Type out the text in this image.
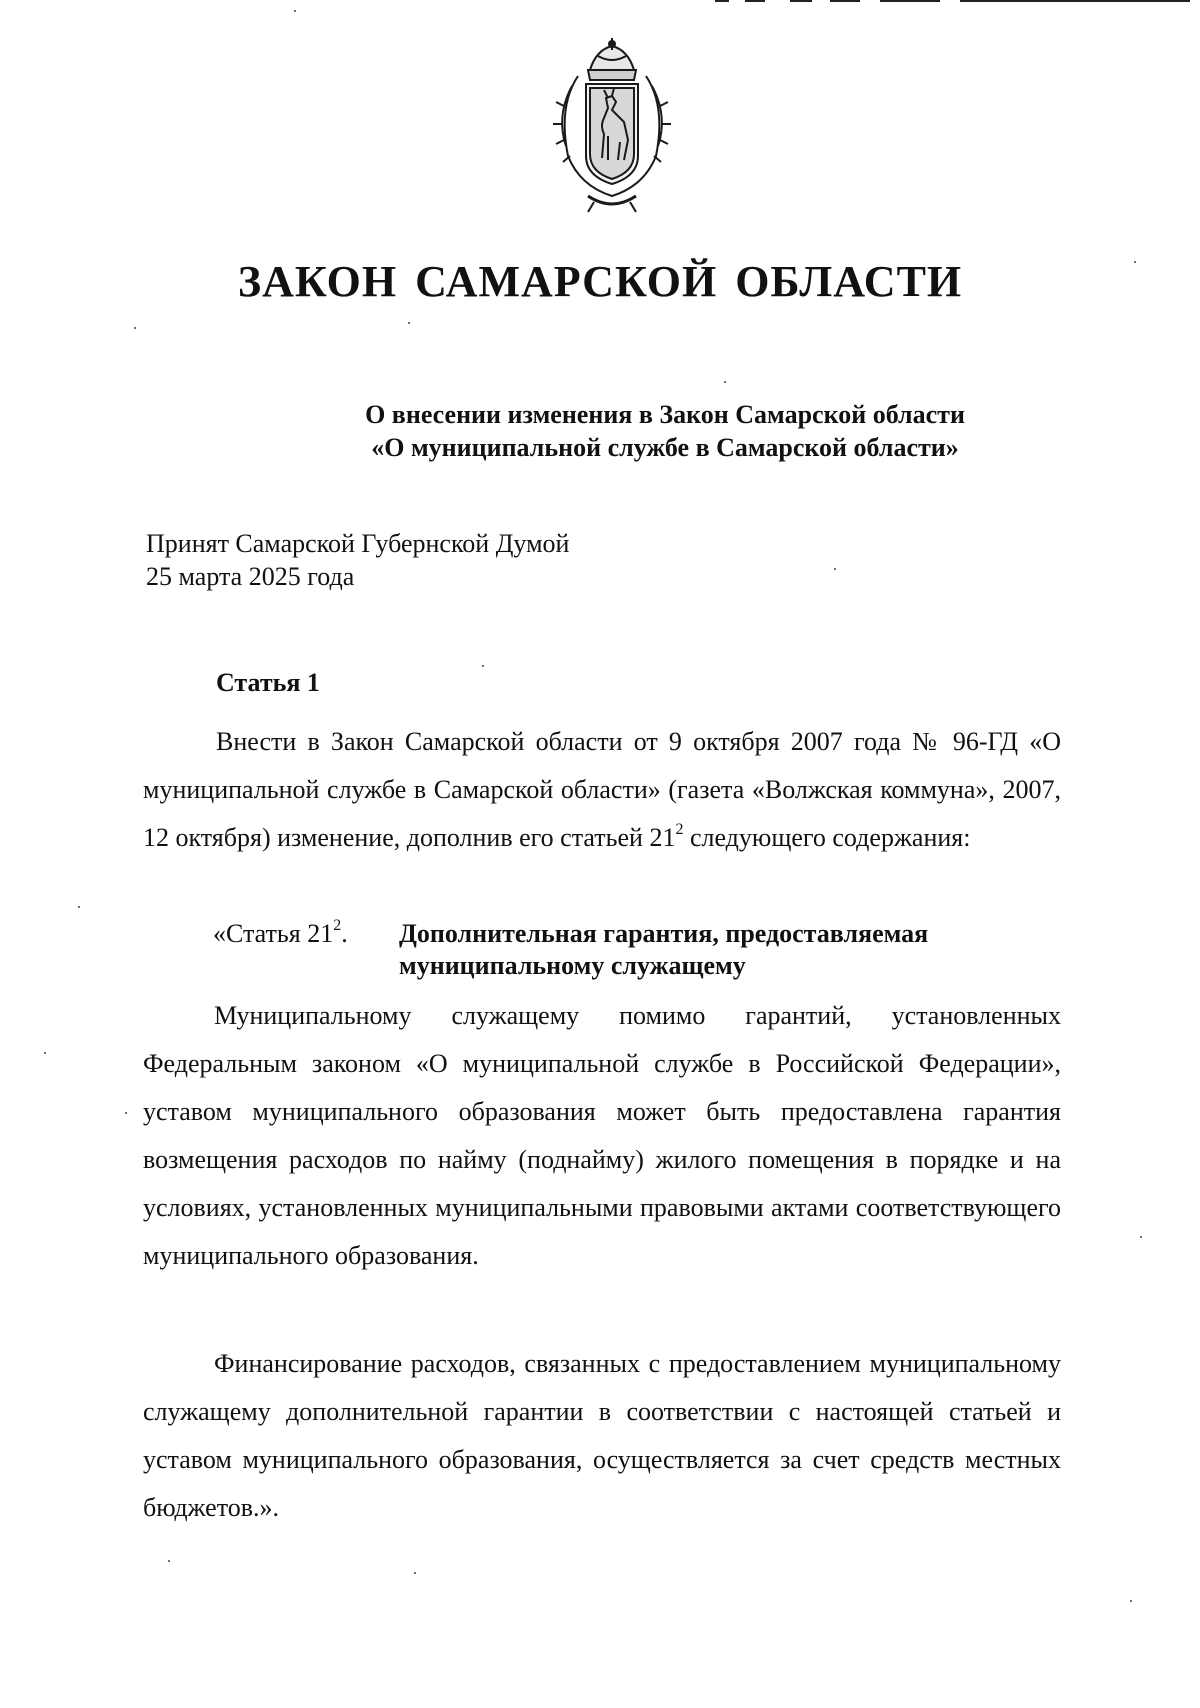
ЗАКОН САМАРСКОЙ ОБЛАСТИ
О внесении изменения в Закон Самарской области
«О муниципальной службе в Самарской области»
Принят Самарской Губернской Думой
25 марта 2025 года
Статья 1
Внести в Закон Самарской области от 9 октября 2007 года № 96-ГД «О муниципальной службе в Самарской области» (газета «Волжская коммуна», 2007, 12 октября) изменение, дополнив его статьей $21^2$ следующего содержания:
«Статья $21^2$.	Дополнительная гарантия, предоставляемая муниципальному служащему
Муниципальному служащему помимо гарантий, установленных Федеральным законом «О муниципальной службе в Российской Федерации», уставом муниципального образования может быть предоставлена гарантия возмещения расходов по найму (поднайму) жилого помещения в порядке и на условиях, установленных муниципальными правовыми актами соответствующего муниципального образования.
Финансирование расходов, связанных с предоставлением муниципальному служащему дополнительной гарантии в соответствии с настоящей статьей и уставом муниципального образования, осуществляется за счет средств местных бюджетов.».
